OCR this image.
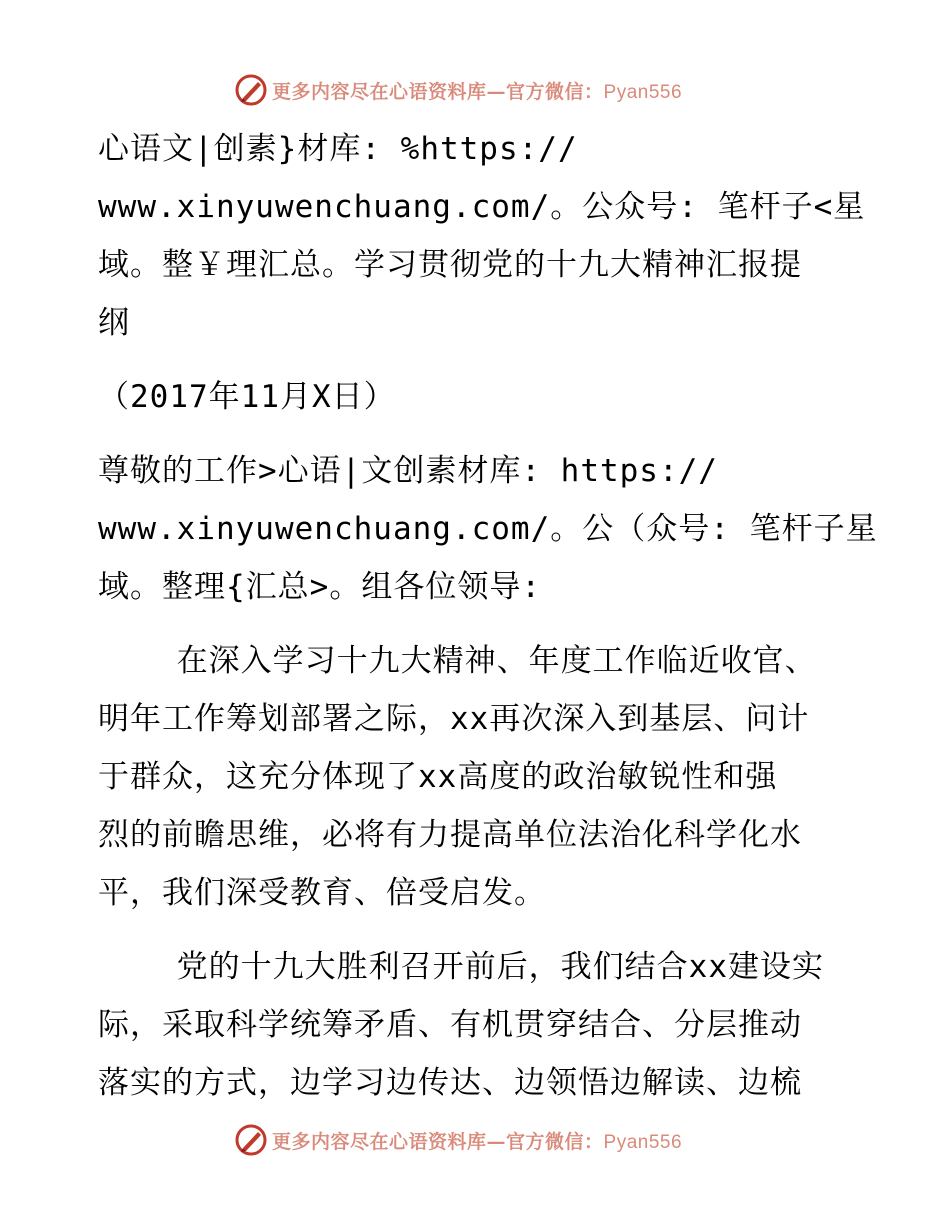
更多内容尽在心语资料库—官方微信：Pyan556
心语文|创素}材库: %https://
www.xinyuwenchuang.com/。公众号: 笔杆子<星
域。整￥理汇总。学习贯彻党的十九大精神汇报提
纲
（2017年11月X日）
尊敬的工作>心语|文创素材库: https://
www.xinyuwenchuang.com/。公（众号: 笔杆子星
域。整理{汇总>。组各位领导:
在深入学习十九大精神、年度工作临近收官、
明年工作筹划部署之际，xx再次深入到基层、问计
于群众，这充分体现了xx高度的政治敏锐性和强
烈的前瞻思维，必将有力提高单位法治化科学化水
平，我们深受教育、倍受启发。
党的十九大胜利召开前后，我们结合xx建设实
际，采取科学统筹矛盾、有机贯穿结合、分层推动
落实的方式，边学习边传达、边领悟边解读、边梳
更多内容尽在心语资料库—官方微信：Pyan556
